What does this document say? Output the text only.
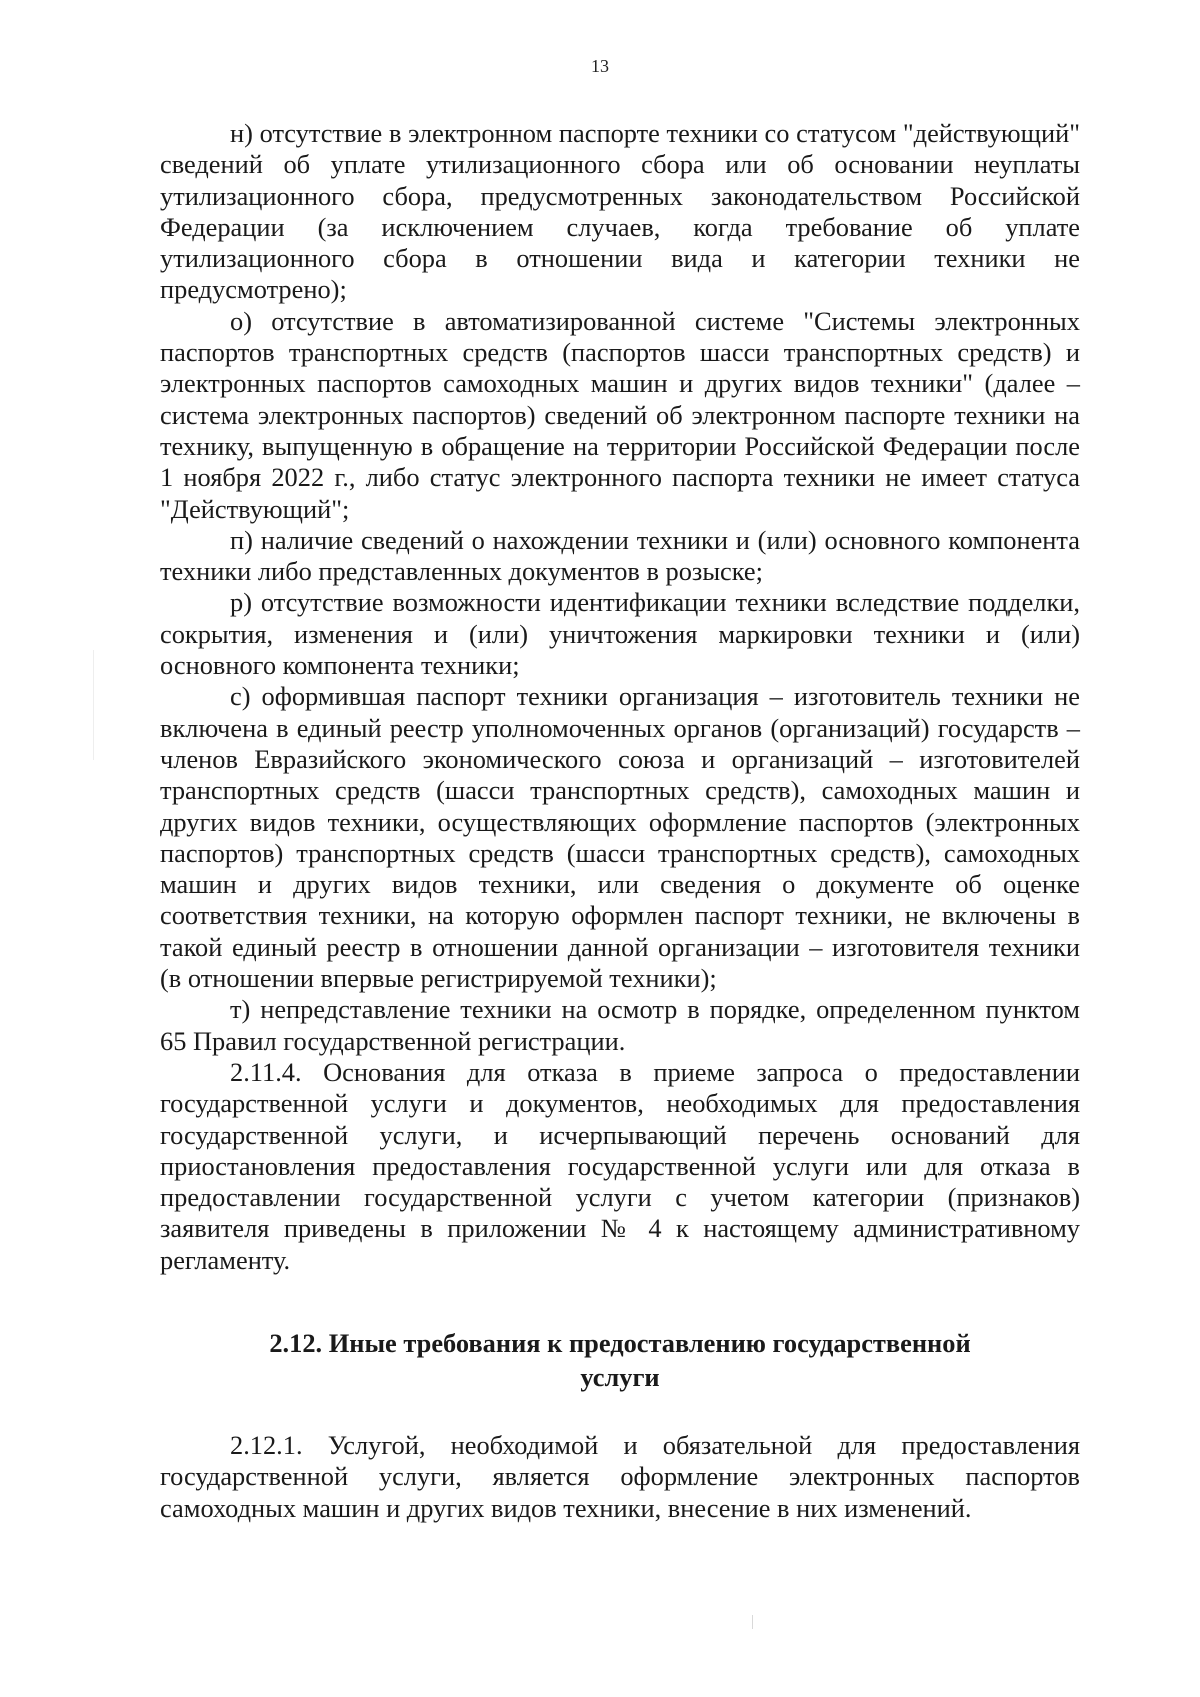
13

н) отсутствие в электронном паспорте техники со статусом "действующий" сведений об уплате утилизационного сбора или об основании неуплаты утилизационного сбора, предусмотренных законодательством Российской Федерации (за исключением случаев, когда требование об уплате утилизационного сбора в отношении вида и категории техники не предусмотрено);

о) отсутствие в автоматизированной системе "Системы электронных паспортов транспортных средств (паспортов шасси транспортных средств) и электронных паспортов самоходных машин и других видов техники" (далее – система электронных паспортов) сведений об электронном паспорте техники на технику, выпущенную в обращение на территории Российской Федерации после 1 ноября 2022 г., либо статус электронного паспорта техники не имеет статуса "Действующий";

п) наличие сведений о нахождении техники и (или) основного компонента техники либо представленных документов в розыске;

р) отсутствие возможности идентификации техники вследствие подделки, сокрытия, изменения и (или) уничтожения маркировки техники и (или) основного компонента техники;

с) оформившая паспорт техники организация – изготовитель техники не включена в единый реестр уполномоченных органов (организаций) государств – членов Евразийского экономического союза и организаций – изготовителей транспортных средств (шасси транспортных средств), самоходных машин и других видов техники, осуществляющих оформление паспортов (электронных паспортов) транспортных средств (шасси транспортных средств), самоходных машин и других видов техники, или сведения о документе об оценке соответствия техники, на которую оформлен паспорт техники, не включены в такой единый реестр в отношении данной организации – изготовителя техники (в отношении впервые регистрируемой техники);

т) непредставление техники на осмотр в порядке, определенном пунктом 65 Правил государственной регистрации.

2.11.4. Основания для отказа в приеме запроса о предоставлении государственной услуги и документов, необходимых для предоставления государственной услуги, и исчерпывающий перечень оснований для приостановления предоставления государственной услуги или для отказа в предоставлении государственной услуги с учетом категории (признаков) заявителя приведены в приложении № 4 к настоящему административному регламенту.

2.12. Иные требования к предоставлению государственной
услуги

2.12.1. Услугой, необходимой и обязательной для предоставления государственной услуги, является оформление электронных паспортов самоходных машин и других видов техники, внесение в них изменений.
